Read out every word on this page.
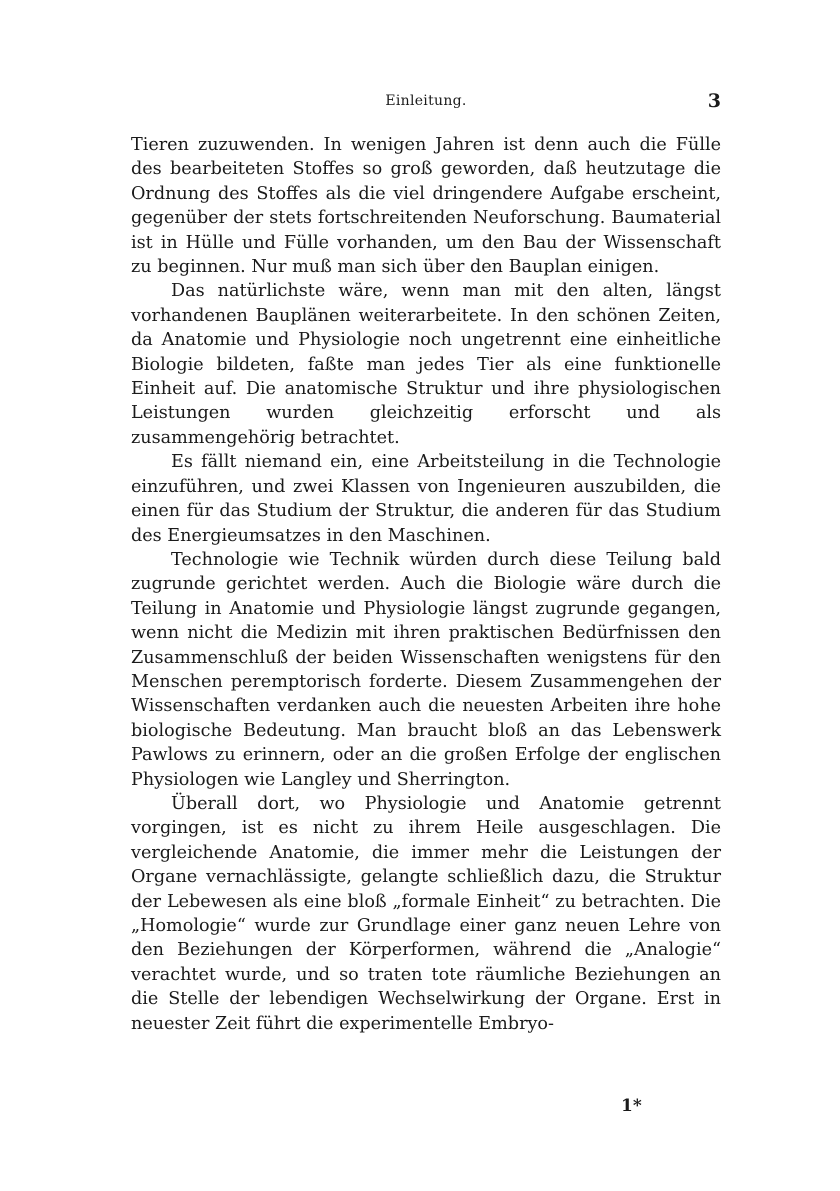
Einleitung.	3

Tieren zuzuwenden. In wenigen Jahren ist denn auch die Fülle des bearbeiteten Stoffes so groß geworden, daß heutzutage die Ordnung des Stoffes als die viel dringendere Aufgabe erscheint, gegenüber der stets fortschreitenden Neuforschung. Baumaterial ist in Hülle und Fülle vorhanden, um den Bau der Wissenschaft zu beginnen. Nur muß man sich über den Bauplan einigen.

Das natürlichste wäre, wenn man mit den alten, längst vorhandenen Bauplänen weiterarbeitete. In den schönen Zeiten, da Anatomie und Physiologie noch ungetrennt eine einheitliche Biologie bildeten, faßte man jedes Tier als eine funktionelle Einheit auf. Die anatomische Struktur und ihre physiologischen Leistungen wurden gleichzeitig erforscht und als zusammengehörig betrachtet.

Es fällt niemand ein, eine Arbeitsteilung in die Technologie einzuführen, und zwei Klassen von Ingenieuren auszubilden, die einen für das Studium der Struktur, die anderen für das Studium des Energieumsatzes in den Maschinen.

Technologie wie Technik würden durch diese Teilung bald zugrunde gerichtet werden. Auch die Biologie wäre durch die Teilung in Anatomie und Physiologie längst zugrunde gegangen, wenn nicht die Medizin mit ihren praktischen Bedürfnissen den Zusammenschluß der beiden Wissenschaften wenigstens für den Menschen peremptorisch forderte. Diesem Zusammengehen der Wissenschaften verdanken auch die neuesten Arbeiten ihre hohe biologische Bedeutung. Man braucht bloß an das Lebenswerk Pawlows zu erinnern, oder an die großen Erfolge der englischen Physiologen wie Langley und Sherrington.

Überall dort, wo Physiologie und Anatomie getrennt vorgingen, ist es nicht zu ihrem Heile ausgeschlagen. Die vergleichende Anatomie, die immer mehr die Leistungen der Organe vernachlässigte, gelangte schließlich dazu, die Struktur der Lebewesen als eine bloß „formale Einheit“ zu betrachten. Die „Homologie“ wurde zur Grundlage einer ganz neuen Lehre von den Beziehungen der Körperformen, während die „Analogie“ verachtet wurde, und so traten tote räumliche Beziehungen an die Stelle der lebendigen Wechselwirkung der Organe. Erst in neuester Zeit führt die experimentelle Embryo-

1*
